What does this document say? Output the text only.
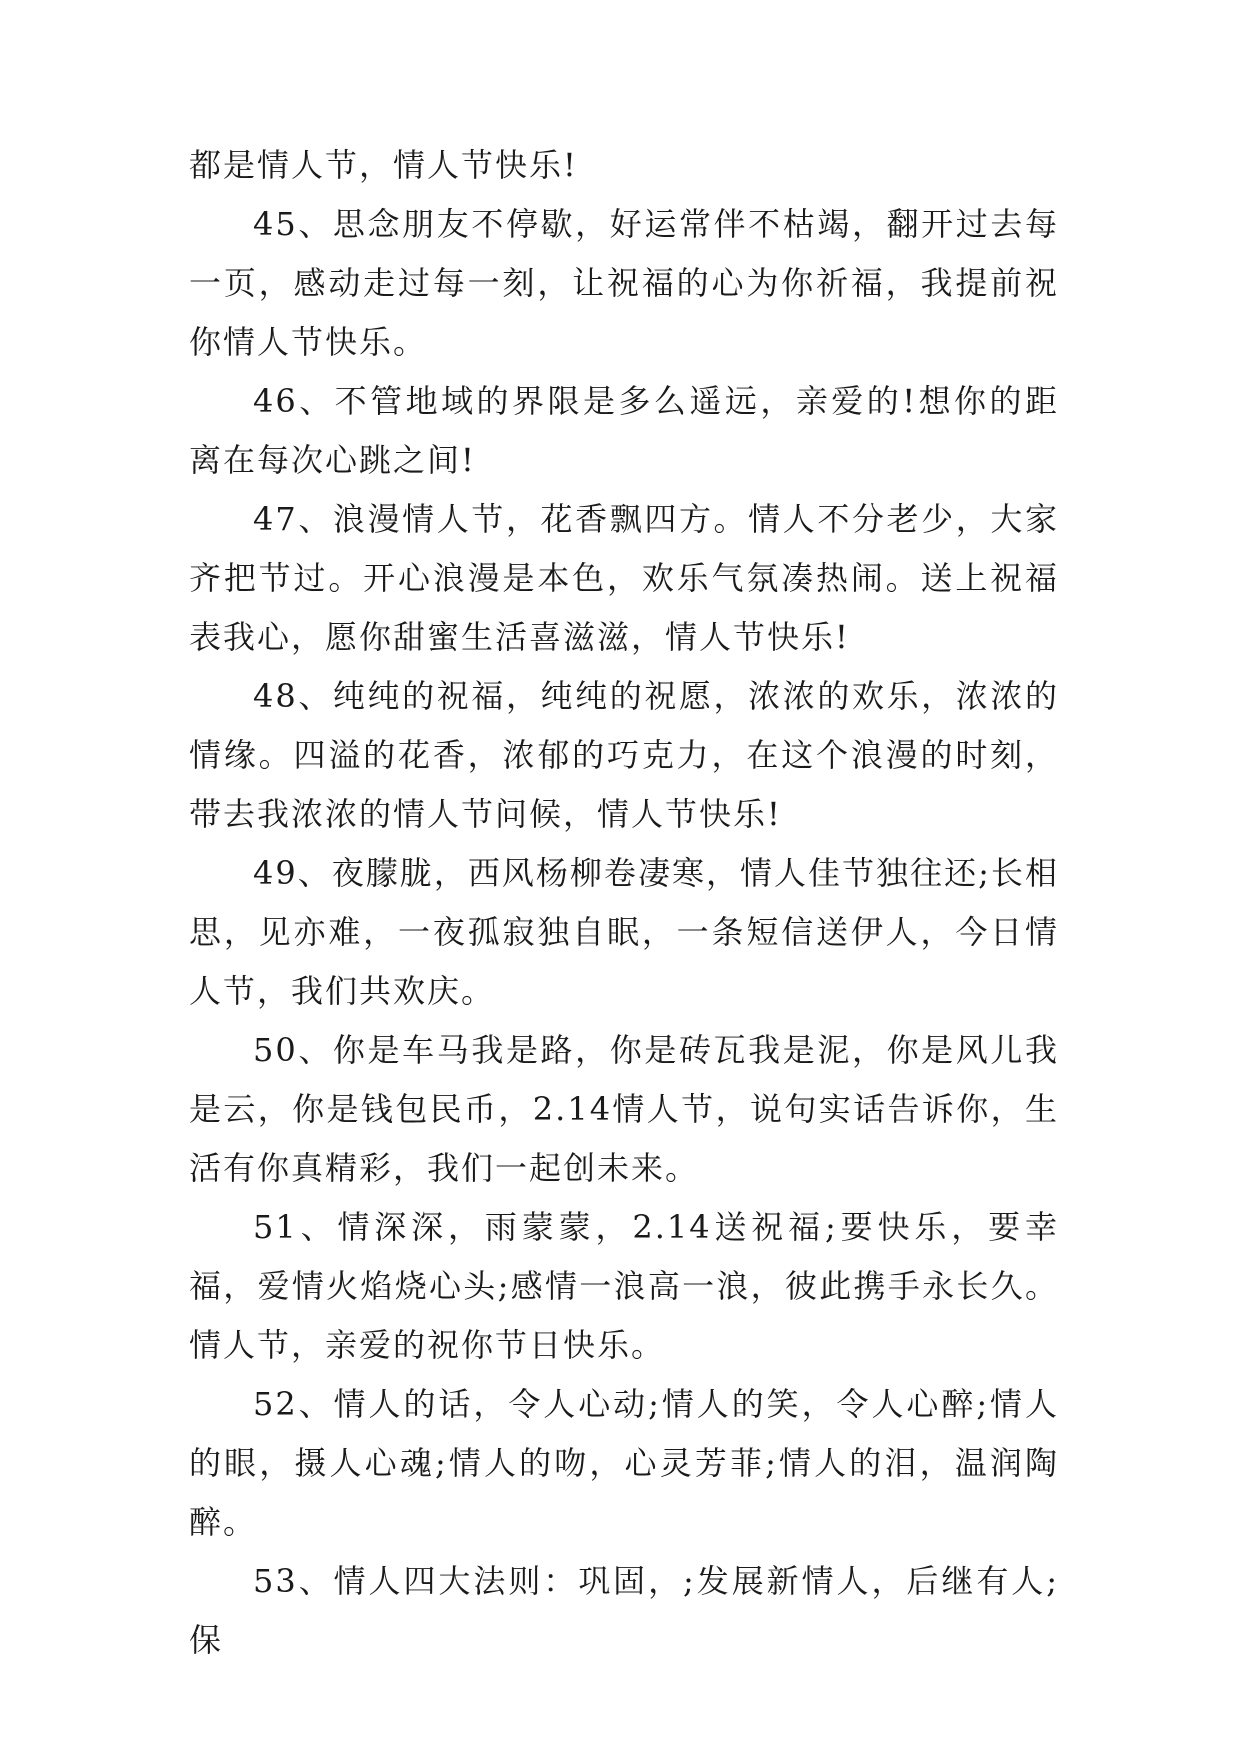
都是情人节，情人节快乐!

45、思念朋友不停歇，好运常伴不枯竭，翻开过去每一页，感动走过每一刻，让祝福的心为你祈福，我提前祝你情人节快乐。

46、不管地域的界限是多么遥远，亲爱的!想你的距离在每次心跳之间!

47、浪漫情人节，花香飘四方。情人不分老少，大家齐把节过。开心浪漫是本色，欢乐气氛凑热闹。送上祝福表我心，愿你甜蜜生活喜滋滋，情人节快乐!

48、纯纯的祝福，纯纯的祝愿，浓浓的欢乐，浓浓的情缘。四溢的花香，浓郁的巧克力，在这个浪漫的时刻，带去我浓浓的情人节问候，情人节快乐!

49、夜朦胧，西风杨柳卷凄寒，情人佳节独往还;长相思，见亦难，一夜孤寂独自眠，一条短信送伊人，今日情人节，我们共欢庆。

50、你是车马我是路，你是砖瓦我是泥，你是风儿我是云，你是钱包民币，2.14情人节，说句实话告诉你，生活有你真精彩，我们一起创未来。

51、情深深，雨蒙蒙，2.14送祝福;要快乐，要幸福，爱情火焰烧心头;感情一浪高一浪，彼此携手永长久。情人节，亲爱的祝你节日快乐。

52、情人的话，令人心动;情人的笑，令人心醉;情人的眼，摄人心魂;情人的吻，心灵芳菲;情人的泪，温润陶醉。

53、情人四大法则：巩固，;发展新情人，后继有人;保
